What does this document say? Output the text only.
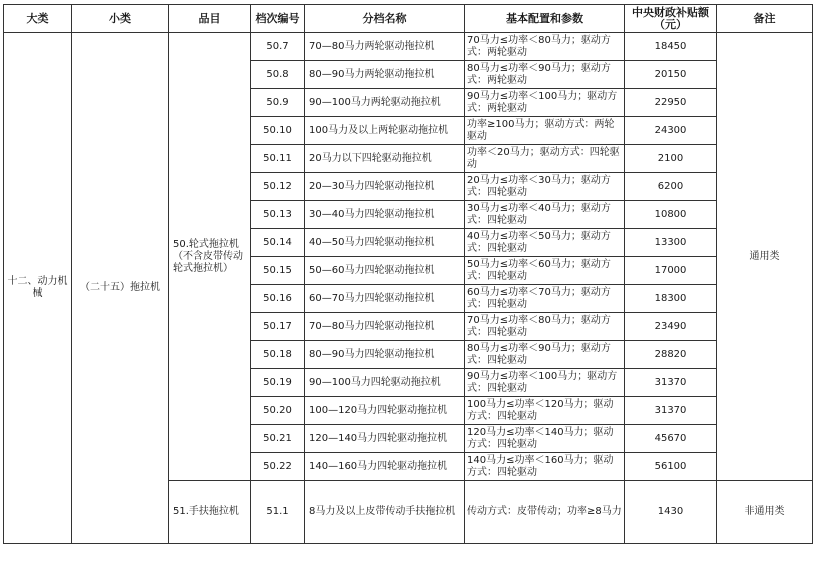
大类	小类	品目	档次编号	分档名称	基本配置和参数	中央财政补贴额（元）	备注
十二、动力机械	（二十五）拖拉机	50.轮式拖拉机（不含皮带传动轮式拖拉机）	50.7	70—80马力两轮驱动拖拉机	70马力≤功率＜80马力；驱动方式：两轮驱动	18450	通用类
			50.8	80—90马力两轮驱动拖拉机	80马力≤功率＜90马力；驱动方式：两轮驱动	20150	
			50.9	90—100马力两轮驱动拖拉机	90马力≤功率＜100马力；驱动方式：两轮驱动	22950	
			50.10	100马力及以上两轮驱动拖拉机	功率≥100马力；驱动方式：两轮驱动	24300	
			50.11	20马力以下四轮驱动拖拉机	功率＜20马力；驱动方式：四轮驱动	2100	
			50.12	20—30马力四轮驱动拖拉机	20马力≤功率＜30马力；驱动方式：四轮驱动	6200	
			50.13	30—40马力四轮驱动拖拉机	30马力≤功率＜40马力；驱动方式：四轮驱动	10800	
			50.14	40—50马力四轮驱动拖拉机	40马力≤功率＜50马力；驱动方式：四轮驱动	13300	
			50.15	50—60马力四轮驱动拖拉机	50马力≤功率＜60马力；驱动方式：四轮驱动	17000	
			50.16	60—70马力四轮驱动拖拉机	60马力≤功率＜70马力；驱动方式：四轮驱动	18300	
			50.17	70—80马力四轮驱动拖拉机	70马力≤功率＜80马力；驱动方式：四轮驱动	23490	
			50.18	80—90马力四轮驱动拖拉机	80马力≤功率＜90马力；驱动方式：四轮驱动	28820	
			50.19	90—100马力四轮驱动拖拉机	90马力≤功率＜100马力；驱动方式：四轮驱动	31370	
			50.20	100—120马力四轮驱动拖拉机	100马力≤功率＜120马力；驱动方式：四轮驱动	31370	
			50.21	120—140马力四轮驱动拖拉机	120马力≤功率＜140马力；驱动方式：四轮驱动	45670	
			50.22	140—160马力四轮驱动拖拉机	140马力≤功率＜160马力；驱动方式：四轮驱动	56100	
		51.手扶拖拉机	51.1	8马力及以上皮带传动手扶拖拉机	传动方式：皮带传动；功率≥8马力	1430	非通用类
